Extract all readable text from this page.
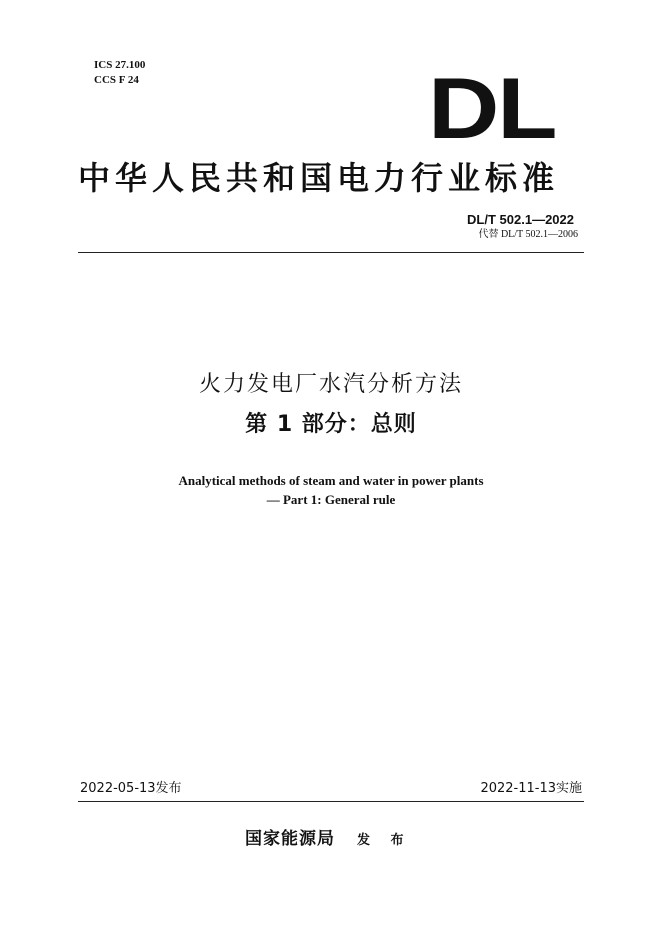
ICS 27.100
CCS F 24	DL
中华人民共和国电力行业标准
DL/T 502.1—2022
代替 DL/T 502.1—2006
火力发电厂水汽分析方法
第 1 部分：总则
Analytical methods of steam and water in power plants
— Part 1: General rule
2022-05-13发布	2022-11-13实施
国家能源局 发 布
